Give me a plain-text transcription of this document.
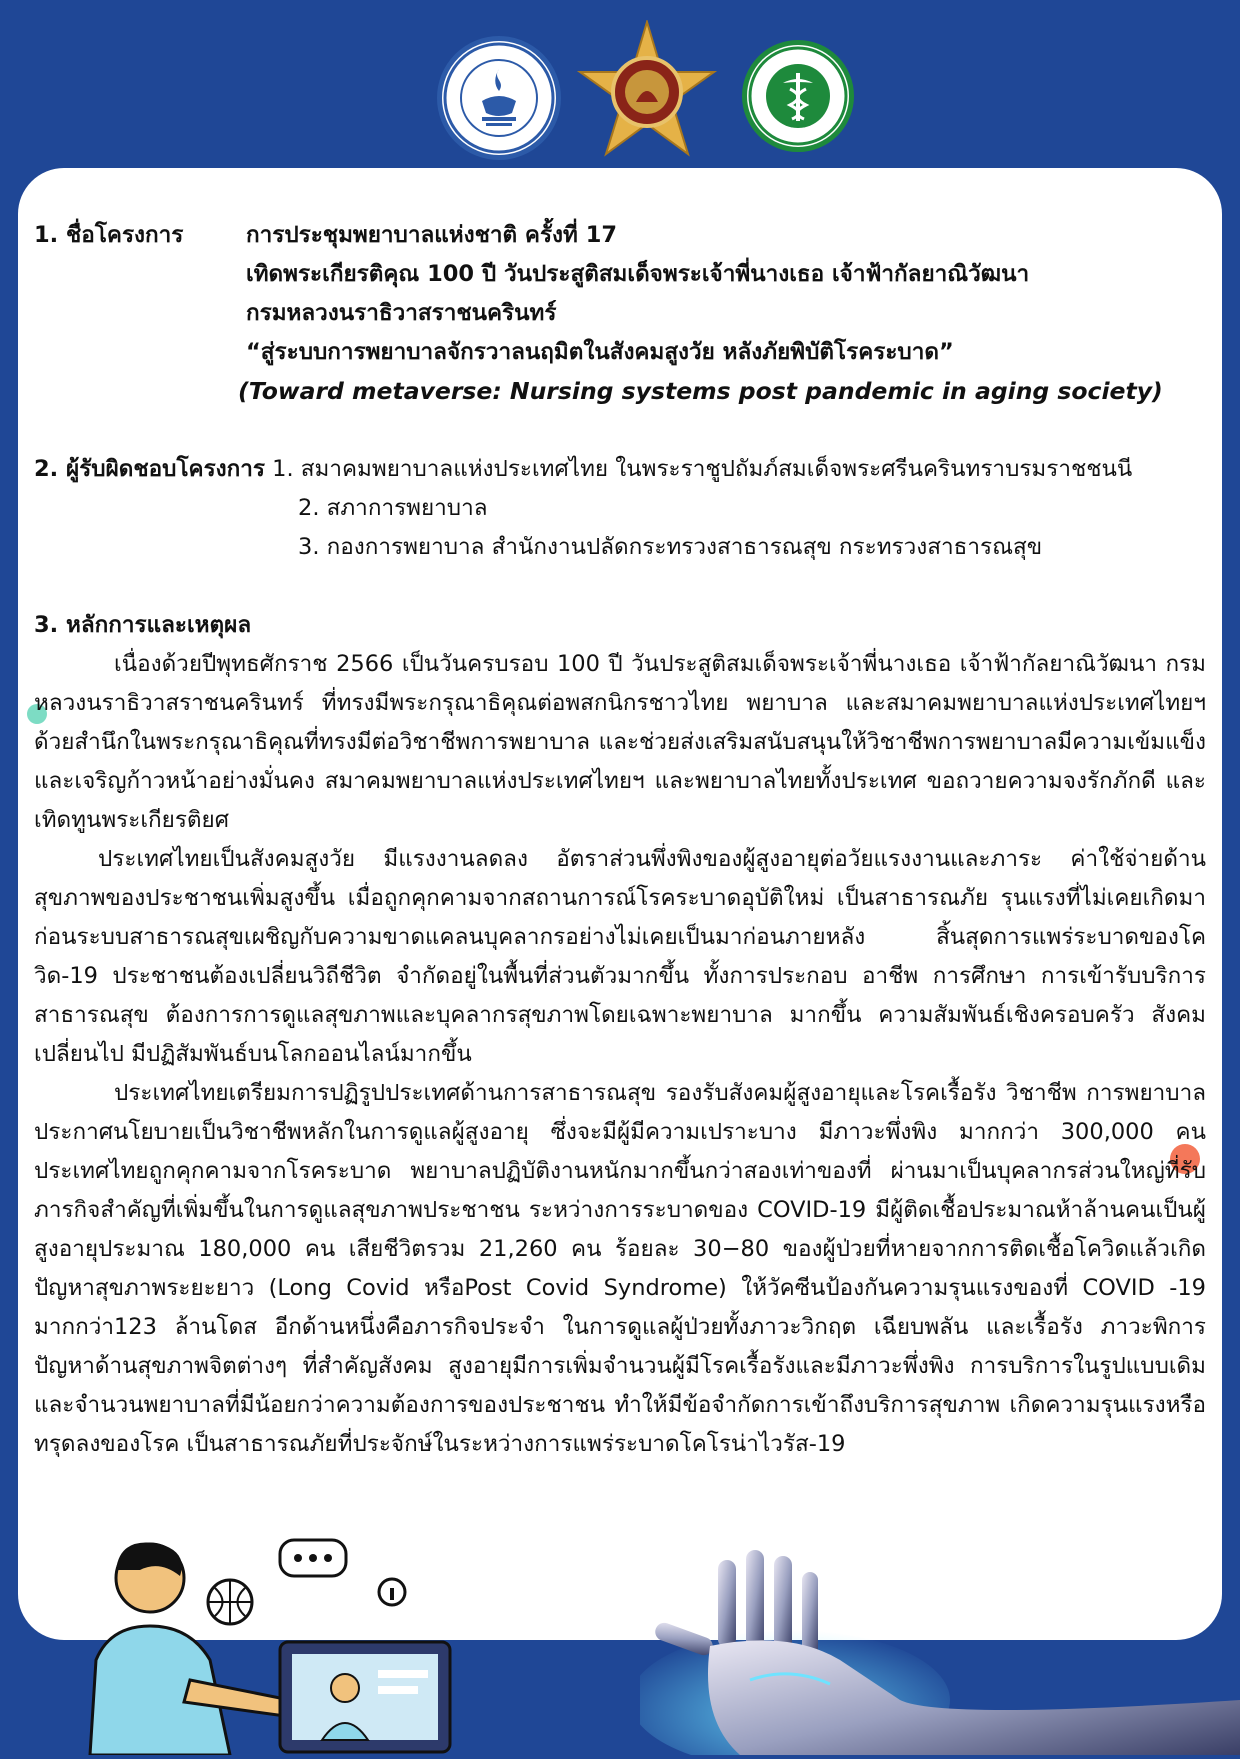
1. ชื่อโครงการ	การประชุมพยาบาลแห่งชาติ ครั้งที่ 17
เทิดพระเกียรติคุณ 100 ปี วันประสูติสมเด็จพระเจ้าพี่นางเธอ เจ้าฟ้ากัลยาณิวัฒนา
กรมหลวงนราธิวาสราชนครินทร์
“สู่ระบบการพยาบาลจักรวาลนฤมิตในสังคมสูงวัย หลังภัยพิบัติโรคระบาด”
(Toward metaverse: Nursing systems post pandemic in aging society)

2. ผู้รับผิดชอบโครงการ 1. สมาคมพยาบาลแห่งประเทศไทย ในพระราชูปถัมภ์สมเด็จพระศรีนครินทราบรมราชชนนี

2. สภาการพยาบาล
3. กองการพยาบาล สำนักงานปลัดกระทรวงสาธารณสุข กระทรวงสาธารณสุข
3. หลักการและเหตุผล

เนื่องด้วยปีพุทธศักราช 2566 เป็นวันครบรอบ 100 ปี วันประสูติสมเด็จพระเจ้าพี่นางเธอ เจ้าฟ้ากัลยาณิวัฒนา กรมหลวงนราธิวาสราชนครินทร์ ที่ทรงมีพระกรุณาธิคุณต่อพสกนิกรชาวไทย พยาบาล และสมาคมพยาบาลแห่งประเทศไทยฯ ด้วยสำนึกในพระกรุณาธิคุณที่ทรงมีต่อวิชาชีพการพยาบาล และช่วยส่งเสริมสนับสนุนให้วิชาชีพการพยาบาลมีความเข้มแข็งและเจริญก้าวหน้าอย่างมั่นคง สมาคมพยาบาลแห่งประเทศไทยฯ และพยาบาลไทยทั้งประเทศ ขอถวายความจงรักภักดี และเทิดทูนพระเกียรติยศ

ประเทศไทยเป็นสังคมสูงวัย มีแรงงานลดลง อัตราส่วนพึ่งพิงของผู้สูงอายุต่อวัยแรงงานและภาระ ค่าใช้จ่ายด้านสุขภาพของประชาชนเพิ่มสูงขึ้น เมื่อถูกคุกคามจากสถานการณ์โรคระบาดอุบัติใหม่ เป็นสาธารณภัย รุนแรงที่ไม่เคยเกิดมาก่อนระบบสาธารณสุขเผชิญกับความขาดแคลนบุคลากรอย่างไม่เคยเป็นมาก่อนภายหลัง สิ้นสุดการแพร่ระบาดของโควิด-19 ประชาชนต้องเปลี่ยนวิถีชีวิต จำกัดอยู่ในพื้นที่ส่วนตัวมากขึ้น ทั้งการประกอบ อาชีพ การศึกษา การเข้ารับบริการสาธารณสุข ต้องการการดูแลสุขภาพและบุคลากรสุขภาพโดยเฉพาะพยาบาล มากขึ้น ความสัมพันธ์เชิงครอบครัว สังคมเปลี่ยนไป มีปฏิสัมพันธ์บนโลกออนไลน์มากขึ้น

ประเทศไทยเตรียมการปฏิรูปประเทศด้านการสาธารณสุข รองรับสังคมผู้สูงอายุและโรคเรื้อรัง วิชาชีพ การพยาบาลประกาศนโยบายเป็นวิชาชีพหลักในการดูแลผู้สูงอายุ ซึ่งจะมีผู้มีความเปราะบาง มีภาวะพึ่งพิง มากกว่า 300,000 คนประเทศไทยถูกคุกคามจากโรคระบาด พยาบาลปฏิบัติงานหนักมากขึ้นกว่าสองเท่าของที่ ผ่านมาเป็นบุคลากรส่วนใหญ่ที่รับภารกิจสำคัญที่เพิ่มขึ้นในการดูแลสุขภาพประชาชน ระหว่างการระบาดของ COVID-19 มีผู้ติดเชื้อประมาณห้าล้านคนเป็นผู้สูงอายุประมาณ 180,000 คน เสียชีวิตรวม 21,260 คน ร้อยละ 30−80 ของผู้ป่วยที่หายจากการติดเชื้อโควิดแล้วเกิดปัญหาสุขภาพระยะยาว (Long Covid หรือPost Covid Syndrome) ให้วัคซีนป้องกันความรุนแรงของที่ COVID -19 มากกว่า123 ล้านโดส อีกด้านหนึ่งคือภารกิจประจำ ในการดูแลผู้ป่วยทั้งภาวะวิกฤต เฉียบพลัน และเรื้อรัง ภาวะพิการ ปัญหาด้านสุขภาพจิตต่างๆ ที่สำคัญสังคม สูงอายุมีการเพิ่มจำนวนผู้มีโรคเรื้อรังและมีภาวะพึ่งพิง การบริการในรูปแบบเดิมและจำนวนพยาบาลที่มีน้อยกว่าความต้องการของประชาชน ทำให้มีข้อจำกัดการเข้าถึงบริการสุขภาพ เกิดความรุนแรงหรือทรุดลงของโรค เป็นสาธารณภัยที่ประจักษ์ในระหว่างการแพร่ระบาดโคโรน่าไวรัส-19
